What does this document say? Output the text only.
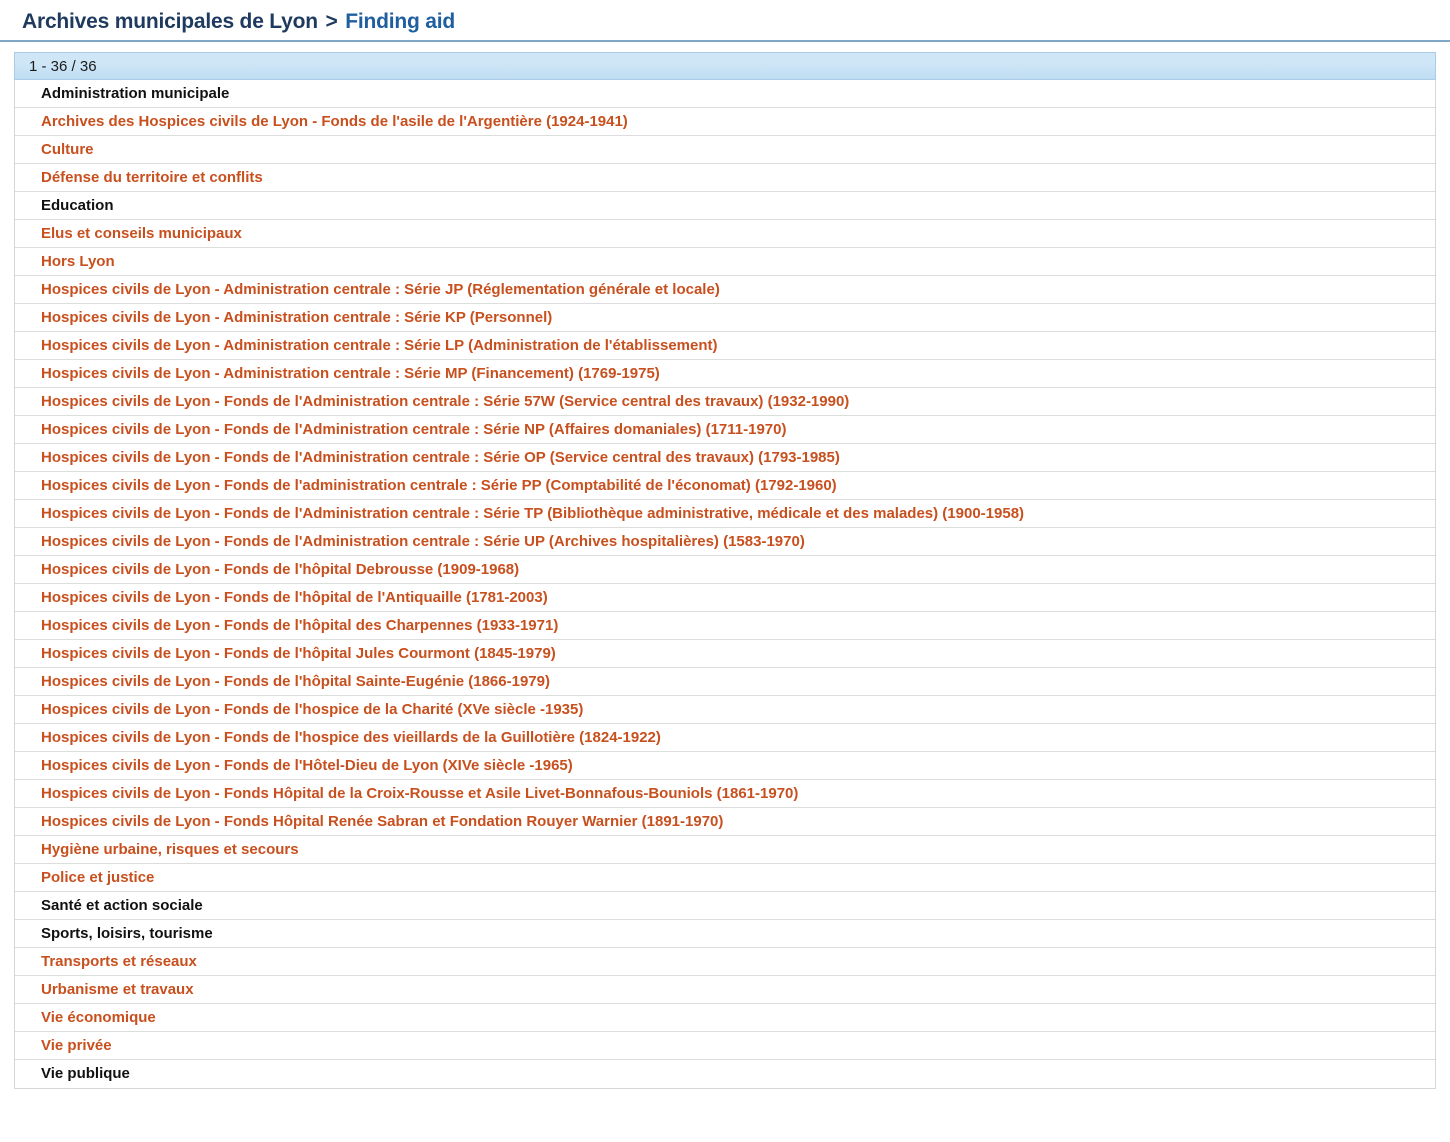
Archives municipales de Lyon > Finding aid
1 - 36 / 36
Administration municipale
Archives des Hospices civils de Lyon - Fonds de l'asile de l'Argentière (1924-1941)
Culture
Défense du territoire et conflits
Education
Elus et conseils municipaux
Hors Lyon
Hospices civils de Lyon - Administration centrale : Série JP (Réglementation générale et locale)
Hospices civils de Lyon - Administration centrale : Série KP (Personnel)
Hospices civils de Lyon - Administration centrale : Série LP (Administration de l'établissement)
Hospices civils de Lyon - Administration centrale : Série MP (Financement) (1769-1975)
Hospices civils de Lyon - Fonds de l'Administration centrale : Série 57W (Service central des travaux) (1932-1990)
Hospices civils de Lyon - Fonds de l'Administration centrale : Série NP (Affaires domaniales) (1711-1970)
Hospices civils de Lyon - Fonds de l'Administration centrale : Série OP (Service central des travaux) (1793-1985)
Hospices civils de Lyon - Fonds de l'administration centrale : Série PP (Comptabilité de l'économat) (1792-1960)
Hospices civils de Lyon - Fonds de l'Administration centrale : Série TP (Bibliothèque administrative, médicale et des malades) (1900-1958)
Hospices civils de Lyon - Fonds de l'Administration centrale : Série UP (Archives hospitalières) (1583-1970)
Hospices civils de Lyon - Fonds de l'hôpital Debrousse (1909-1968)
Hospices civils de Lyon - Fonds de l'hôpital de l'Antiquaille (1781-2003)
Hospices civils de Lyon - Fonds de l'hôpital des Charpennes (1933-1971)
Hospices civils de Lyon - Fonds de l'hôpital Jules Courmont (1845-1979)
Hospices civils de Lyon - Fonds de l'hôpital Sainte-Eugénie (1866-1979)
Hospices civils de Lyon - Fonds de l'hospice de la Charité (XVe siècle -1935)
Hospices civils de Lyon - Fonds de l'hospice des vieillards de la Guillotière (1824-1922)
Hospices civils de Lyon - Fonds de l'Hôtel-Dieu de Lyon (XIVe siècle -1965)
Hospices civils de Lyon - Fonds Hôpital de la Croix-Rousse et Asile Livet-Bonnafous-Bouniols (1861-1970)
Hospices civils de Lyon - Fonds Hôpital Renée Sabran et Fondation Rouyer Warnier (1891-1970)
Hygiène urbaine, risques et secours
Police et justice
Santé et action sociale
Sports, loisirs, tourisme
Transports et réseaux
Urbanisme et travaux
Vie économique
Vie privée
Vie publique
